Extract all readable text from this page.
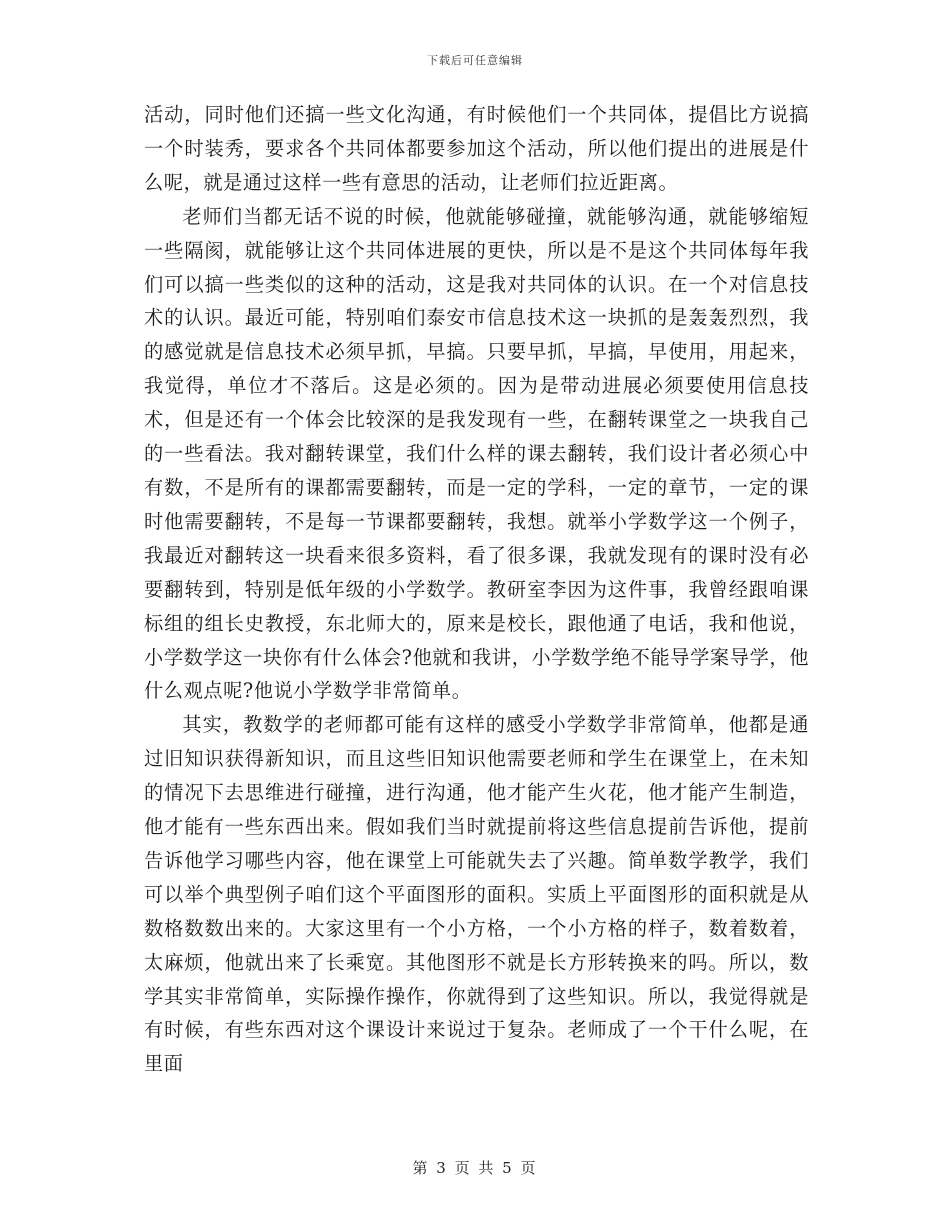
下载后可任意编辑

活动，同时他们还搞一些文化沟通，有时候他们一个共同体，提倡比方说搞一个时装秀，要求各个共同体都要参加这个活动，所以他们提出的进展是什么呢，就是通过这样一些有意思的活动，让老师们拉近距离。

老师们当都无话不说的时候，他就能够碰撞，就能够沟通，就能够缩短一些隔阂，就能够让这个共同体进展的更快，所以是不是这个共同体每年我们可以搞一些类似的这种的活动，这是我对共同体的认识。在一个对信息技术的认识。最近可能，特别咱们泰安市信息技术这一块抓的是轰轰烈烈，我的感觉就是信息技术必须早抓，早搞。只要早抓，早搞，早使用，用起来，我觉得，单位才不落后。这是必须的。因为是带动进展必须要使用信息技术，但是还有一个体会比较深的是我发现有一些，在翻转课堂之一块我自己的一些看法。我对翻转课堂，我们什么样的课去翻转，我们设计者必须心中有数，不是所有的课都需要翻转，而是一定的学科，一定的章节，一定的课时他需要翻转，不是每一节课都要翻转，我想。就举小学数学这一个例子，我最近对翻转这一块看来很多资料，看了很多课，我就发现有的课时没有必要翻转到，特别是低年级的小学数学。教研室李因为这件事，我曾经跟咱课标组的组长史教授，东北师大的，原来是校长，跟他通了电话，我和他说，小学数学这一块你有什么体会?他就和我讲，小学数学绝不能导学案导学，他什么观点呢?他说小学数学非常简单。

其实，教数学的老师都可能有这样的感受小学数学非常简单，他都是通过旧知识获得新知识，而且这些旧知识他需要老师和学生在课堂上，在未知的情况下去思维进行碰撞，进行沟通，他才能产生火花，他才能产生制造，他才能有一些东西出来。假如我们当时就提前将这些信息提前告诉他，提前告诉他学习哪些内容，他在课堂上可能就失去了兴趣。简单数学教学，我们可以举个典型例子咱们这个平面图形的面积。实质上平面图形的面积就是从数格数数出来的。大家这里有一个小方格，一个小方格的样子，数着数着，太麻烦，他就出来了长乘宽。其他图形不就是长方形转换来的吗。所以，数学其实非常简单，实际操作操作，你就得到了这些知识。所以，我觉得就是有时候，有些东西对这个课设计来说过于复杂。老师成了一个干什么呢，在里面

第 3 页 共 5 页
